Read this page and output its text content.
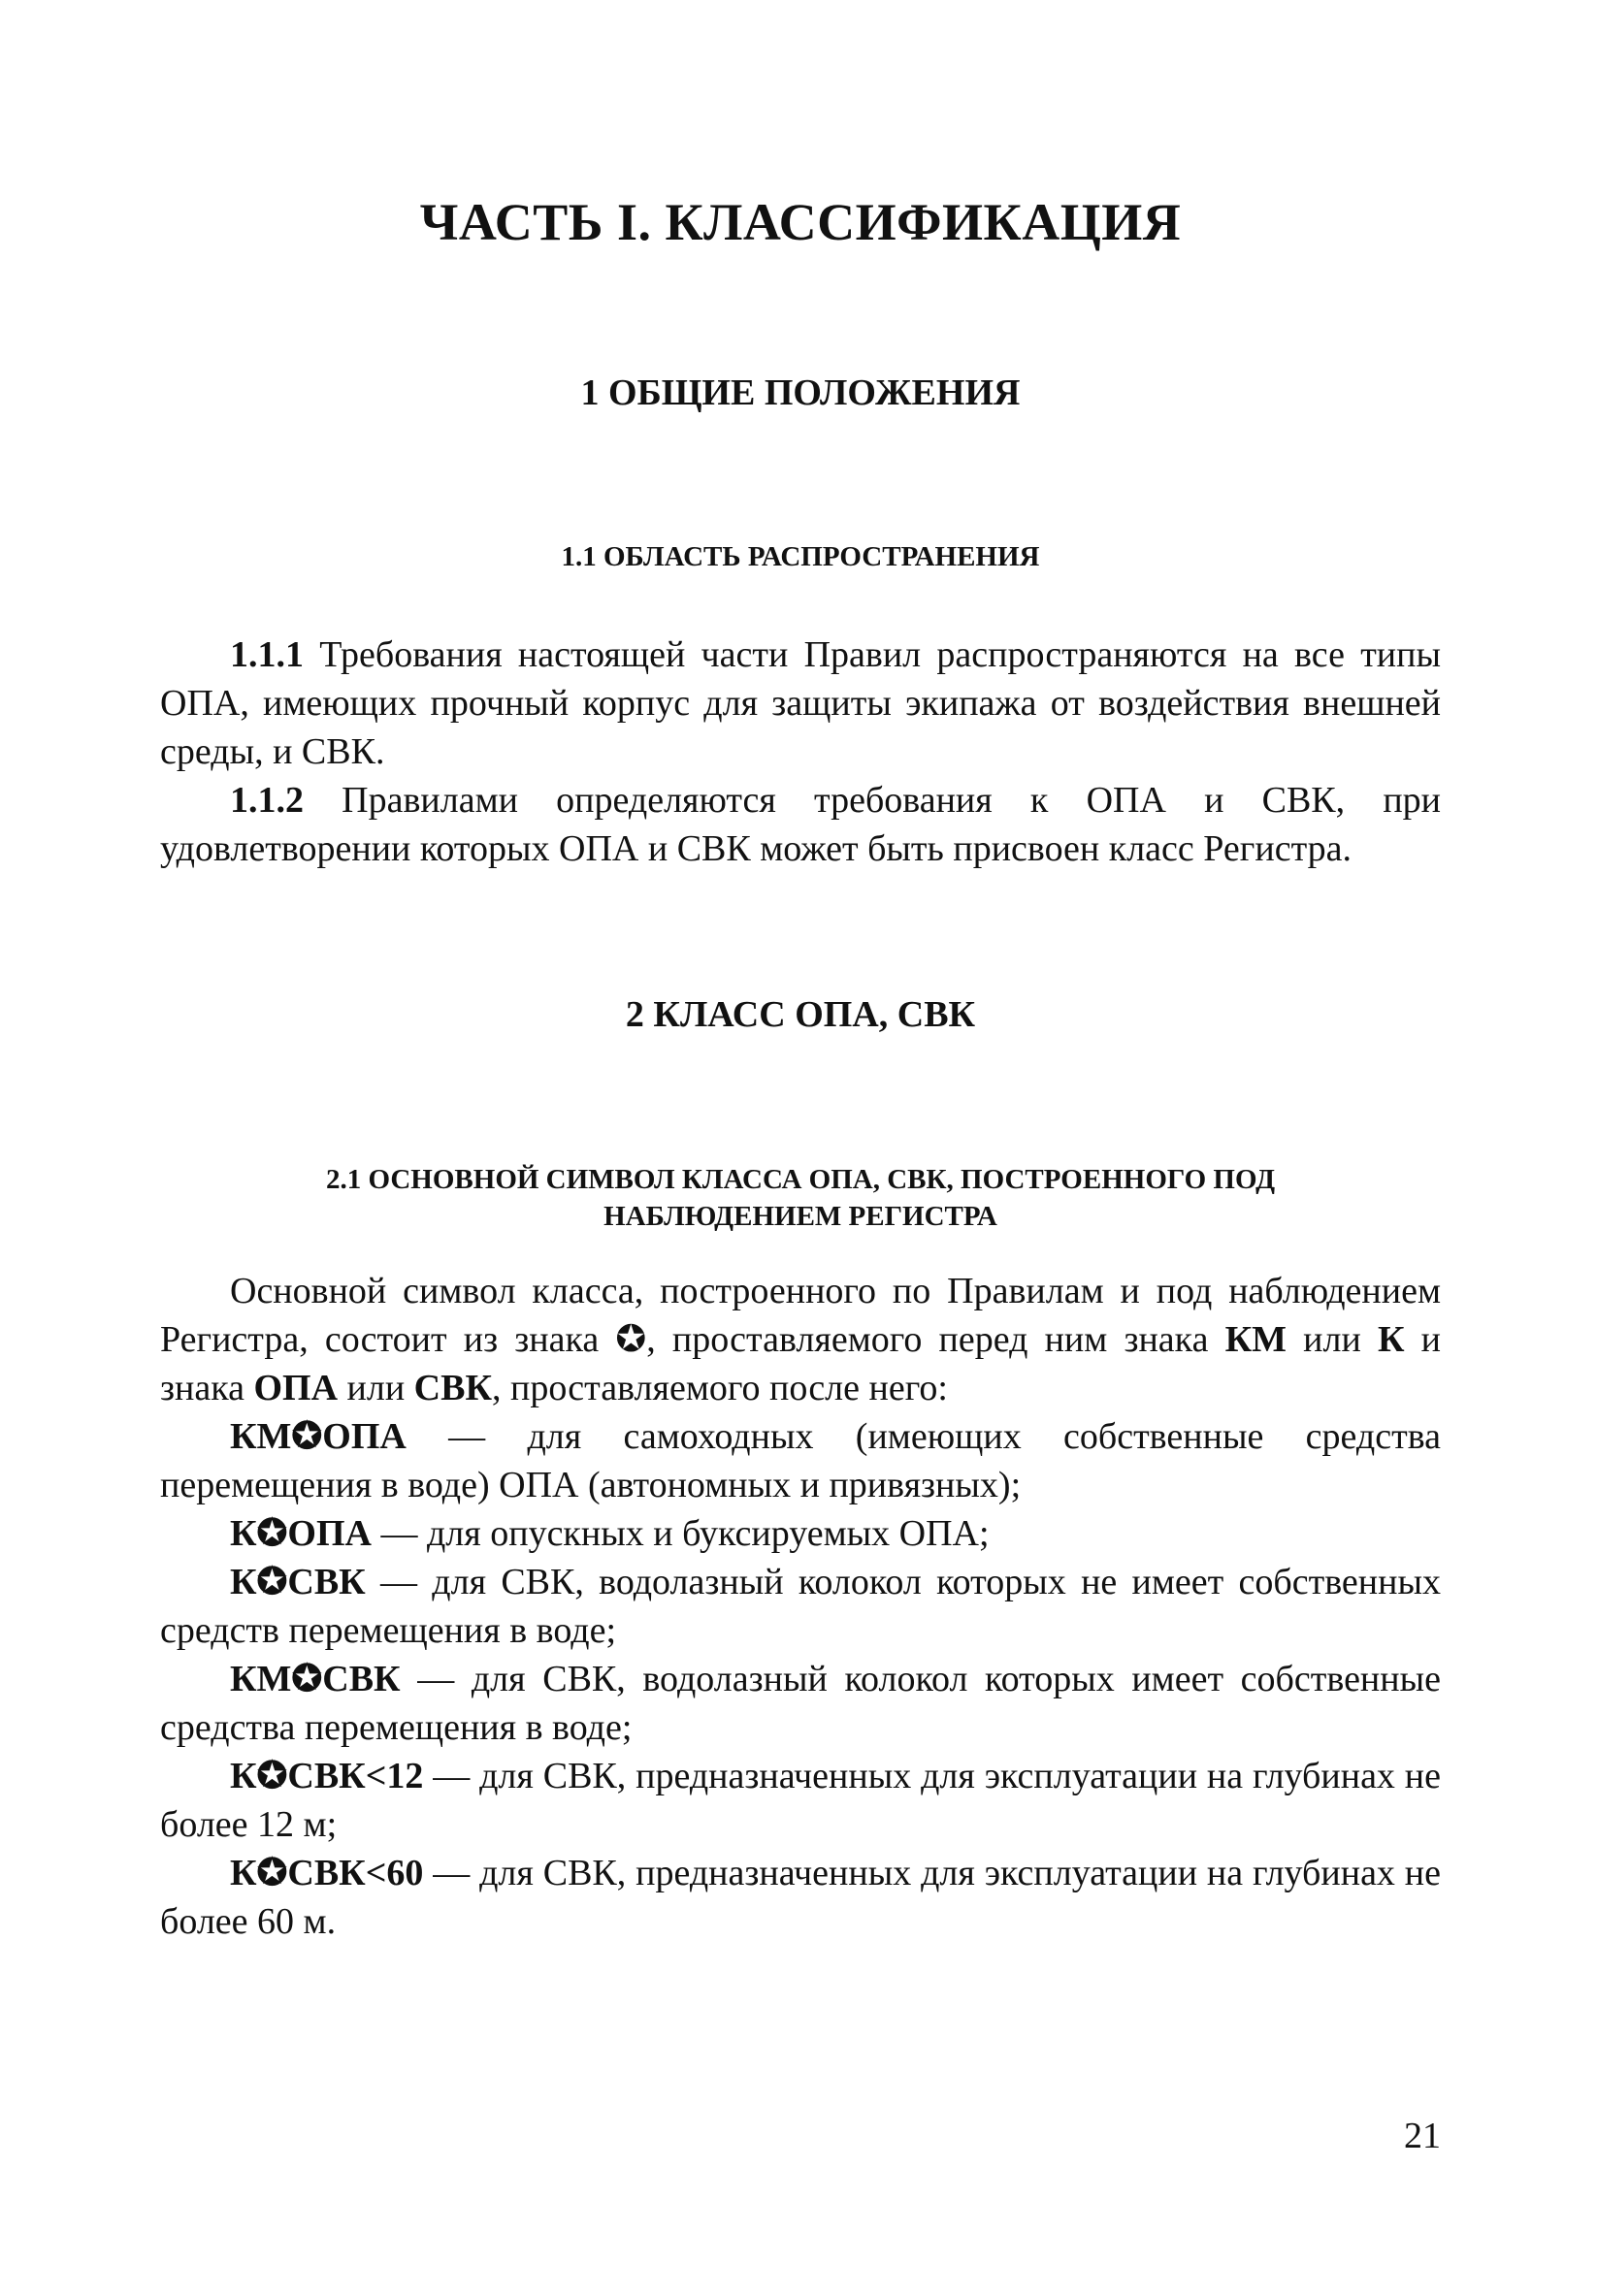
ЧАСТЬ I. КЛАССИФИКАЦИЯ
1 ОБЩИЕ ПОЛОЖЕНИЯ
1.1 ОБЛАСТЬ РАСПРОСТРАНЕНИЯ

1.1.1 Требования настоящей части Правил распространяются на все типы ОПА, имеющих прочный корпус для защиты экипажа от воздействия внешней среды, и СВК.

1.1.2 Правилами определяются требования к ОПА и СВК, при удовлетворении которых ОПА и СВК может быть присвоен класс Регистра.

2 КЛАСС ОПА, СВК
2.1 ОСНОВНОЙ СИМВОЛ КЛАССА ОПА, СВК, ПОСТРОЕННОГО ПОД
НАБЛЮДЕНИЕМ РЕГИСТРА

Основной символ класса, построенного по Правилам и под наблюдением Регистра, состоит из знака ✪, проставляемого перед ним знака КМ или К и знака ОПА или СВК, проставляемого после него:

КМ✪ОПА — для самоходных (имеющих собственные средства перемещения в воде) ОПА (автономных и привязных);

К✪ОПА — для опускных и буксируемых ОПА;

К✪СВК — для СВК, водолазный колокол которых не имеет собственных средств перемещения в воде;

КМ✪СВК — для СВК, водолазный колокол которых имеет собственные средства перемещения в воде;

К✪СВК<12 — для СВК, предназначенных для эксплуатации на глубинах не более 12 м;

К✪СВК<60 — для СВК, предназначенных для эксплуатации на глубинах не более 60 м.

21
